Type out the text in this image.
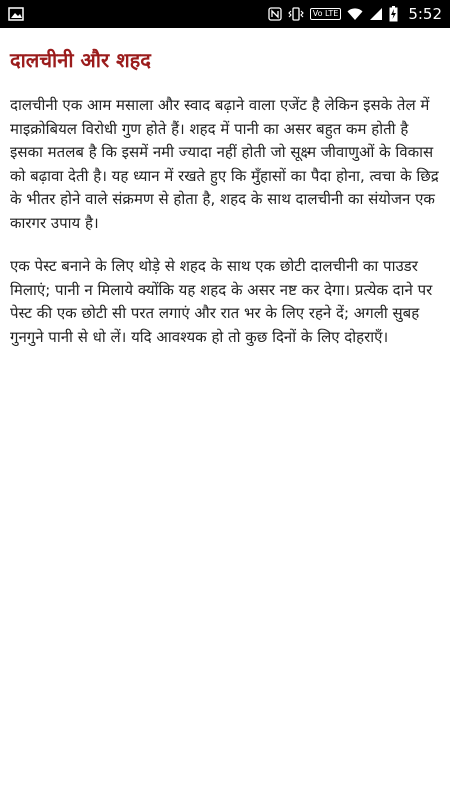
Vo LTE	5:52
दालचीनी और शहद

दालचीनी एक आम मसाला और स्वाद बढ़ाने वाला एजेंट है लेकिन इसके तेल में माइक्रोबियल विरोधी गुण होते हैं। शहद में पानी का असर बहुत कम होती है इसका मतलब है कि इसमें नमी ज्यादा नहीं होती जो सूक्ष्म जीवाणुओं के विकास को बढ़ावा देती है। यह ध्यान में रखते हुए कि मुँहासों का पैदा होना, त्वचा के छिद्र के भीतर होने वाले संक्रमण से होता है, शहद के साथ दालचीनी का संयोजन एक कारगर उपाय है।

एक पेस्ट बनाने के लिए थोड़े से शहद के साथ एक छोटी दालचीनी का पाउडर मिलाएं; पानी न मिलाये क्योंकि यह शहद के असर नष्ट कर देगा। प्रत्येक दाने पर पेस्ट की एक छोटी सी परत लगाएं और रात भर के लिए रहने दें; अगली सुबह गुनगुने पानी से धो लें। यदि आवश्यक हो तो कुछ दिनों के लिए दोहराएँ।
